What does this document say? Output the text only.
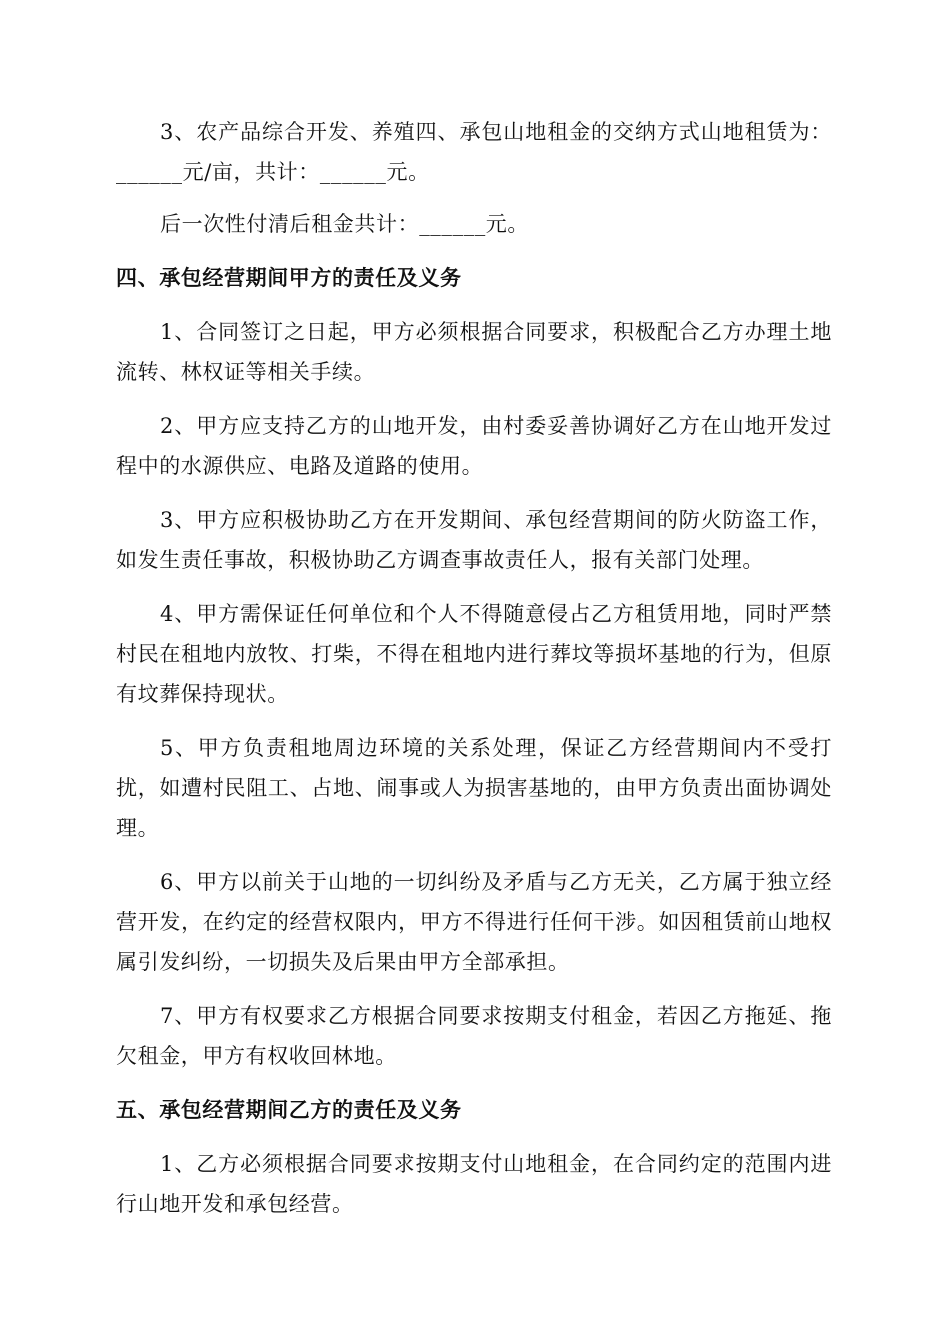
3、农产品综合开发、养殖四、承包山地租金的交纳方式山地租赁为：______元/亩，共计：______元。

后一次性付清后租金共计：______元。

四、承包经营期间甲方的责任及义务

1、合同签订之日起，甲方必须根据合同要求，积极配合乙方办理土地流转、林权证等相关手续。

2、甲方应支持乙方的山地开发，由村委妥善协调好乙方在山地开发过程中的水源供应、电路及道路的使用。

3、甲方应积极协助乙方在开发期间、承包经营期间的防火防盗工作，如发生责任事故，积极协助乙方调查事故责任人，报有关部门处理。

4、甲方需保证任何单位和个人不得随意侵占乙方租赁用地，同时严禁村民在租地内放牧、打柴，不得在租地内进行葬坟等损坏基地的行为，但原有坟葬保持现状。

5、甲方负责租地周边环境的关系处理，保证乙方经营期间内不受打扰，如遭村民阻工、占地、闹事或人为损害基地的，由甲方负责出面协调处理。

6、甲方以前关于山地的一切纠纷及矛盾与乙方无关，乙方属于独立经营开发，在约定的经营权限内，甲方不得进行任何干涉。如因租赁前山地权属引发纠纷，一切损失及后果由甲方全部承担。

7、甲方有权要求乙方根据合同要求按期支付租金，若因乙方拖延、拖欠租金，甲方有权收回林地。

五、承包经营期间乙方的责任及义务

1、乙方必须根据合同要求按期支付山地租金，在合同约定的范围内进行山地开发和承包经营。
